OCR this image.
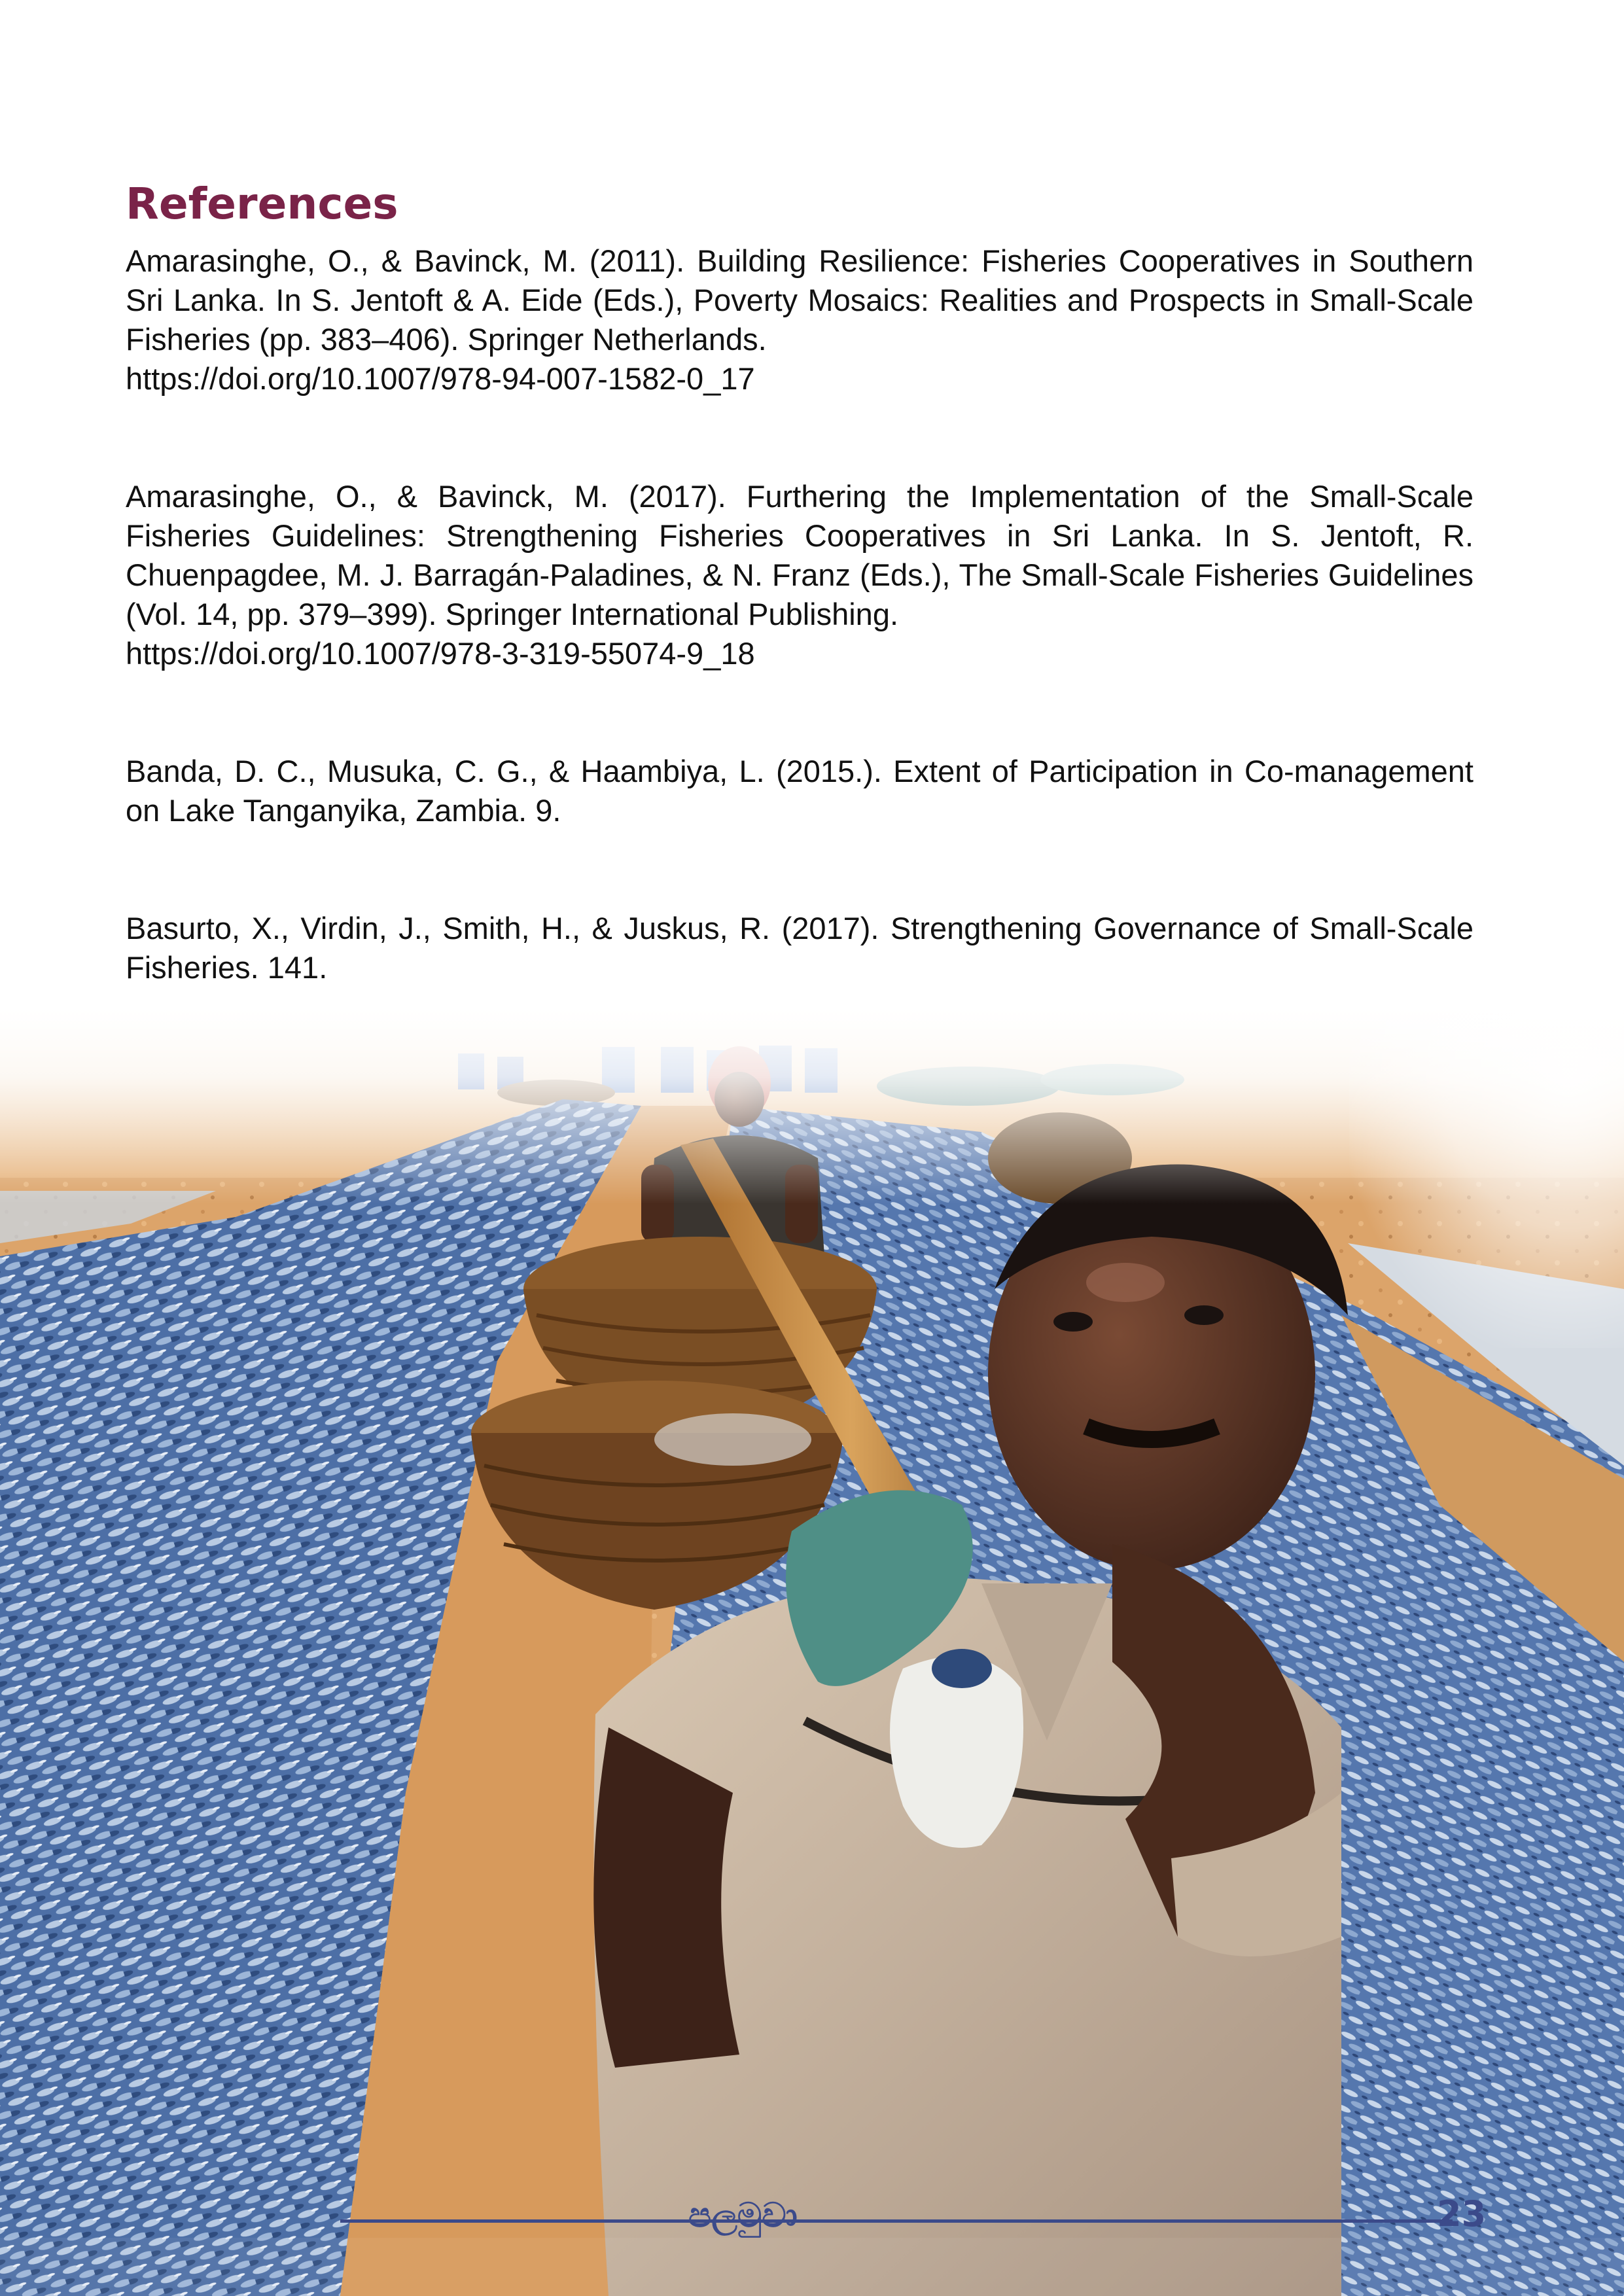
References

Amarasinghe, O., & Bavinck, M. (2011). Building Resilience: Fisheries Cooperatives in Southern Sri Lanka. In S. Jentoft & A. Eide (Eds.), Poverty Mosaics: Realities and Prospects in Small-Scale Fisheries (pp. 383–406). Springer Netherlands.
https://doi.org/10.1007/978-94-007-1582-0_17

Amarasinghe, O., & Bavinck, M. (2017). Furthering the Implementation of the Small-Scale Fisheries Guidelines: Strengthening Fisheries Cooperatives in Sri Lanka. In S. Jentoft, R. Chuenpagdee, M. J. Barragán-Paladines, & N. Franz (Eds.), The Small-Scale Fisheries Guidelines (Vol. 14, pp. 379–399). Springer International Publishing.
https://doi.org/10.1007/978-3-319-55074-9_18

Banda, D. C., Musuka, C. G., & Haambiya, L. (2015.). Extent of Participation in Co-management on Lake Tanganyika, Zambia. 9.

Basurto, X., Virdin, J., Smith, H., & Juskus, R. (2017). Strengthening Governance of Small-Scale Fisheries. 141.

පලමුවා	23
